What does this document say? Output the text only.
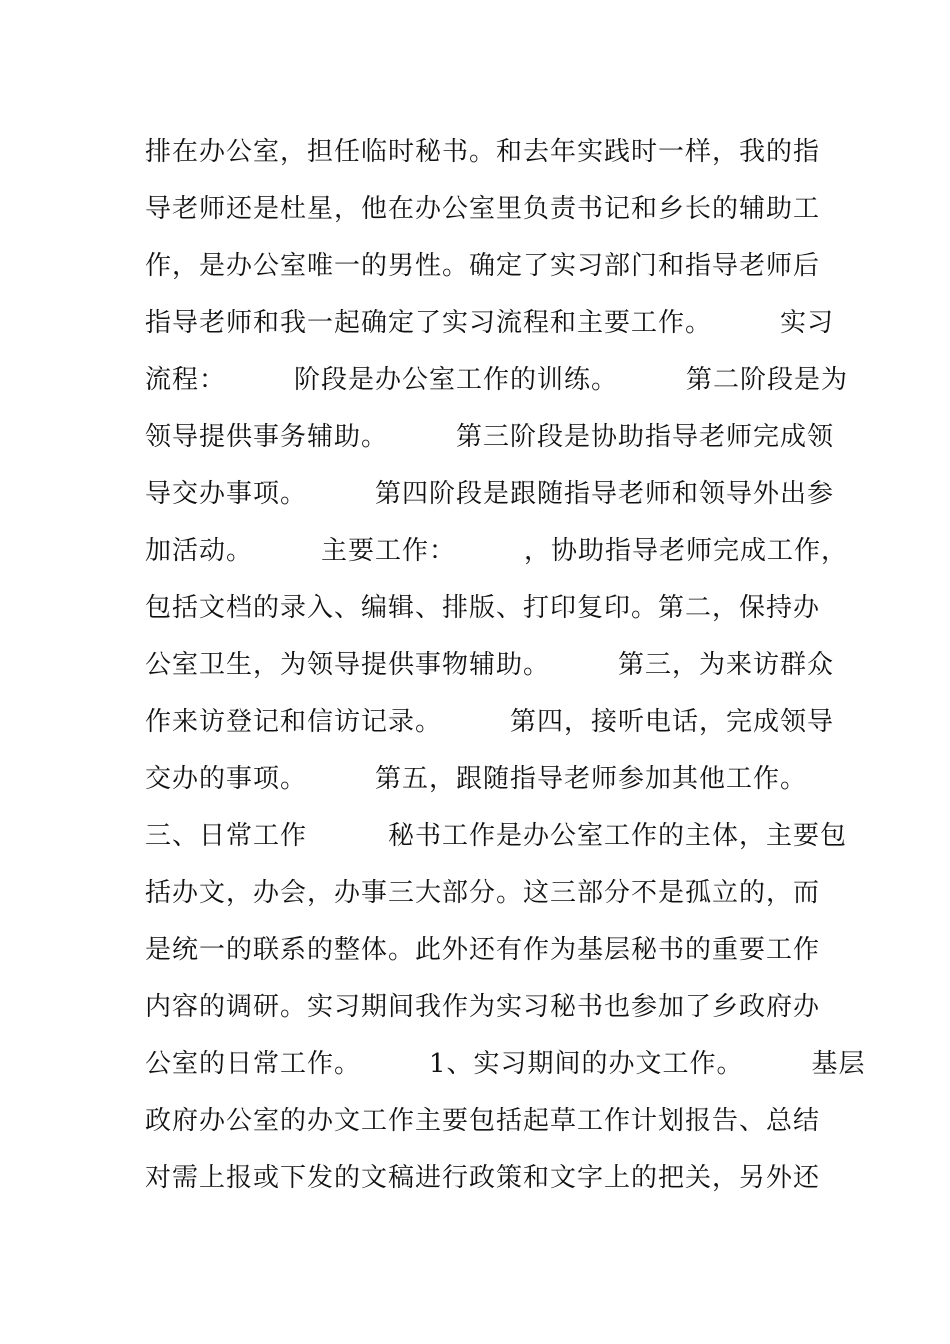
排在办公室，担任临时秘书。和去年实践时一样，我的指
导老师还是杜星，他在办公室里负责书记和乡长的辅助工
作，是办公室唯一的男性。确定了实习部门和指导老师后
指导老师和我一起确定了实习流程和主要工作。　　　实习
流程：　　　阶段是办公室工作的训练。　　　第二阶段是为
领导提供事务辅助。　　　第三阶段是协助指导老师完成领
导交办事项。　　　第四阶段是跟随指导老师和领导外出参
加活动。　　　主要工作：　　　，协助指导老师完成工作，
包括文档的录入、编辑、排版、打印复印。第二，保持办
公室卫生，为领导提供事物辅助。　　　第三，为来访群众
作来访登记和信访记录。　　　第四，接听电话，完成领导
交办的事项。　　　第五，跟随指导老师参加其他工作。
三、日常工作　　　秘书工作是办公室工作的主体，主要包
括办文，办会，办事三大部分。这三部分不是孤立的，而
是统一的联系的整体。此外还有作为基层秘书的重要工作
内容的调研。实习期间我作为实习秘书也参加了乡政府办
公室的日常工作。　　　1、实习期间的办文工作。　　　基层
政府办公室的办文工作主要包括起草工作计划报告、总结
对需上报或下发的文稿进行政策和文字上的把关，另外还
